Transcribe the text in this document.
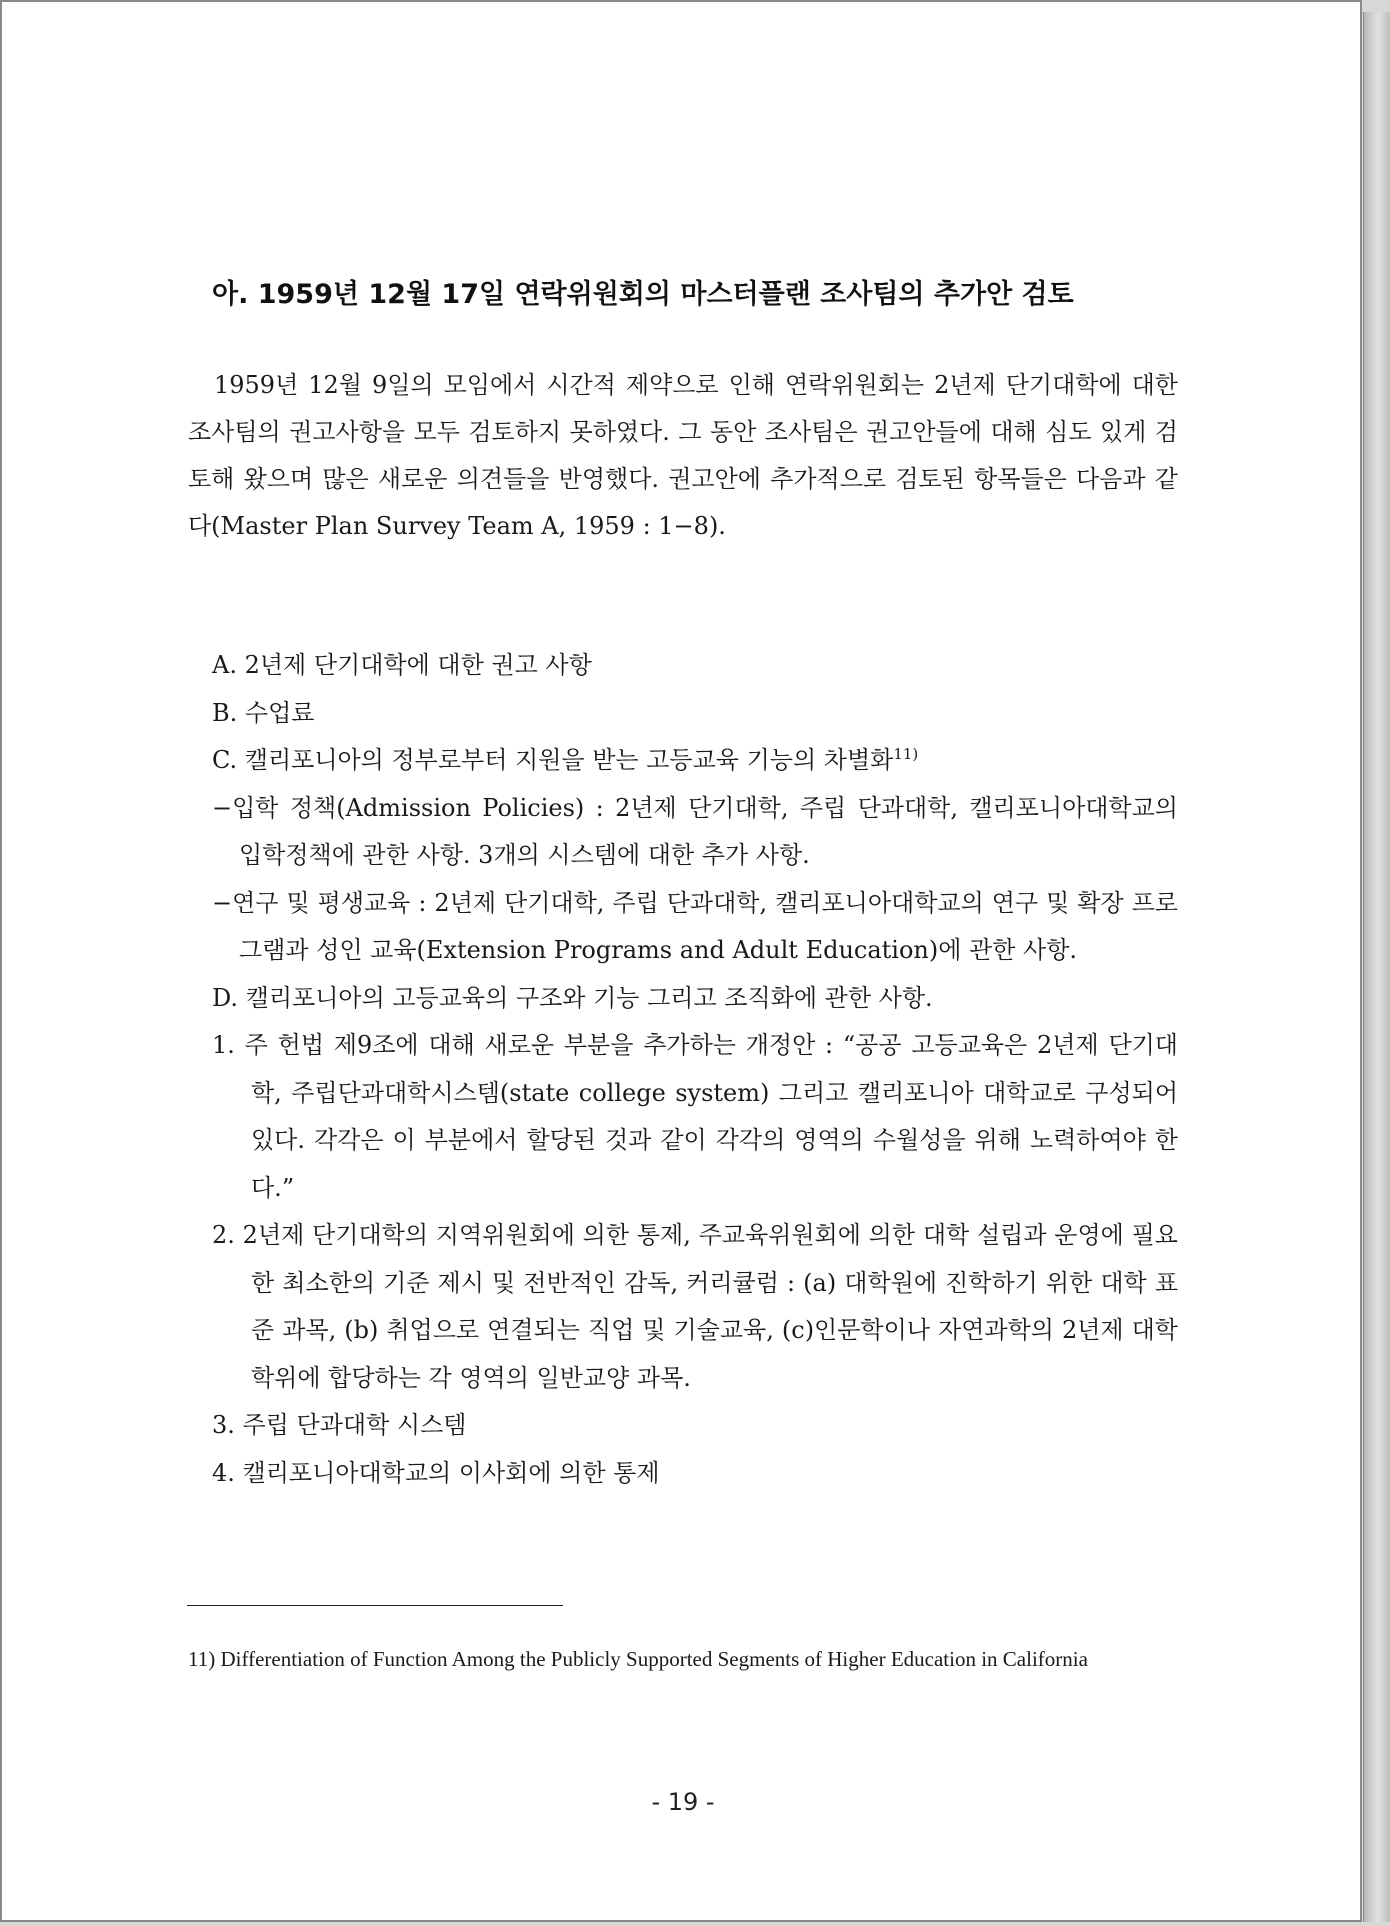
아. 1959년 12월 17일 연락위원회의 마스터플랜 조사팀의 추가안 검토

1959년 12월 9일의 모임에서 시간적 제약으로 인해 연락위원회는 2년제 단기대학에 대한 조사팀의 권고사항을 모두 검토하지 못하였다. 그 동안 조사팀은 권고안들에 대해 심도 있게 검토해 왔으며 많은 새로운 의견들을 반영했다. 권고안에 추가적으로 검토된 항목들은 다음과 같다(Master Plan Survey Team A, 1959 : 1−8).

A. 2년제 단기대학에 대한 권고 사항

B. 수업료

C. 캘리포니아의 정부로부터 지원을 받는 고등교육 기능의 차별화$^{11)}$

−입학 정책(Admission Policies) : 2년제 단기대학, 주립 단과대학, 캘리포니아대학교의 입학정책에 관한 사항. 3개의 시스템에 대한 추가 사항.

−연구 및 평생교육 : 2년제 단기대학, 주립 단과대학, 캘리포니아대학교의 연구 및 확장 프로그램과 성인 교육(Extension Programs and Adult Education)에 관한 사항.

D. 캘리포니아의 고등교육의 구조와 기능 그리고 조직화에 관한 사항.

1. 주 헌법 제9조에 대해 새로운 부분을 추가하는 개정안 : “공공 고등교육은 2년제 단기대학, 주립단과대학시스템(state college system) 그리고 캘리포니아 대학교로 구성되어 있다. 각각은 이 부분에서 할당된 것과 같이 각각의 영역의 수월성을 위해 노력하여야 한다.”

2. 2년제 단기대학의 지역위원회에 의한 통제, 주교육위원회에 의한 대학 설립과 운영에 필요한 최소한의 기준 제시 및 전반적인 감독, 커리큘럼 : (a) 대학원에 진학하기 위한 대학 표준 과목, (b) 취업으로 연결되는 직업 및 기술교육, (c)인문학이나 자연과학의 2년제 대학 학위에 합당하는 각 영역의 일반교양 과목.

3. 주립 단과대학 시스템

4. 캘리포니아대학교의 이사회에 의한 통제

11) Differentiation of Function Among the Publicly Supported Segments of Higher Education in California

- 19 -
